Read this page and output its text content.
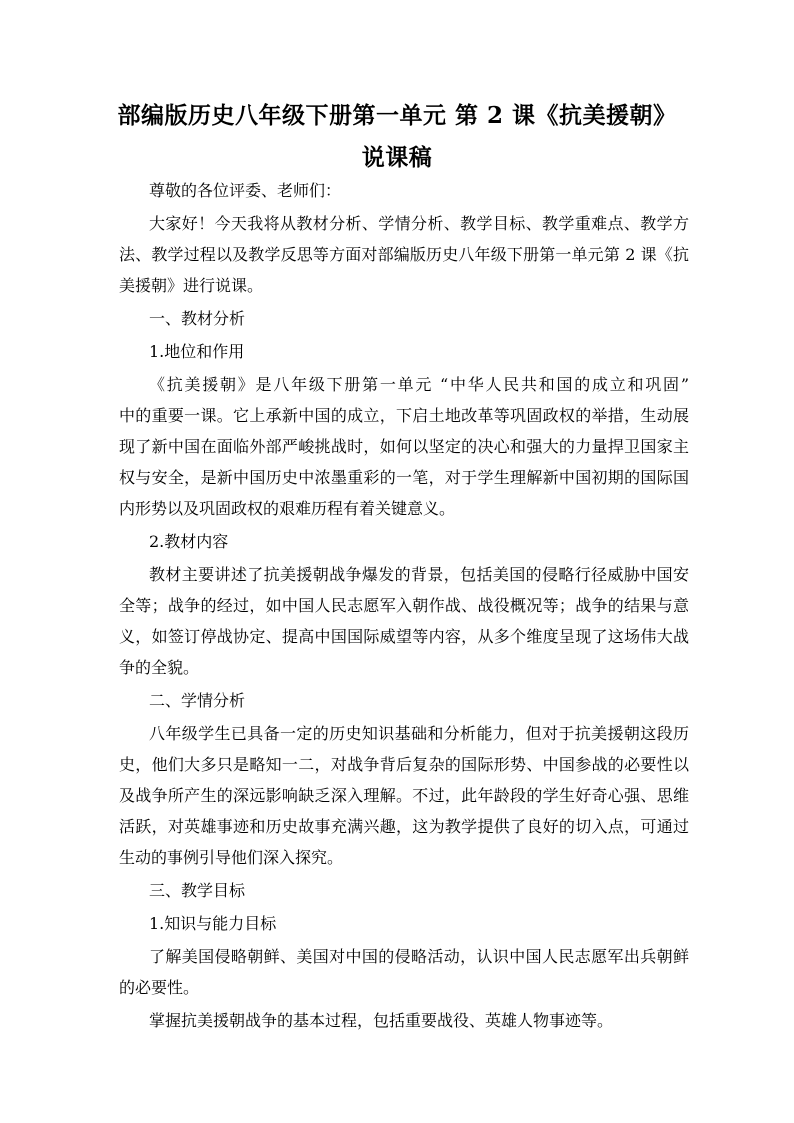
部编版历史八年级下册第一单元 第 2 课《抗美援朝》
说课稿
尊敬的各位评委、老师们：
大家好！今天我将从教材分析、学情分析、教学目标、教学重难点、教学方
法、教学过程以及教学反思等方面对部编版历史八年级下册第一单元第 2 课《抗
美援朝》进行说课。
一、教材分析
1.地位和作用
《抗美援朝》是八年级下册第一单元 “中华人民共和国的成立和巩固”
中的重要一课。它上承新中国的成立，下启土地改革等巩固政权的举措，生动展
现了新中国在面临外部严峻挑战时，如何以坚定的决心和强大的力量捍卫国家主
权与安全，是新中国历史中浓墨重彩的一笔，对于学生理解新中国初期的国际国
内形势以及巩固政权的艰难历程有着关键意义。
2.教材内容
教材主要讲述了抗美援朝战争爆发的背景，包括美国的侵略行径威胁中国安
全等；战争的经过，如中国人民志愿军入朝作战、战役概况等；战争的结果与意
义，如签订停战协定、提高中国国际威望等内容，从多个维度呈现了这场伟大战
争的全貌。
二、学情分析
八年级学生已具备一定的历史知识基础和分析能力，但对于抗美援朝这段历
史，他们大多只是略知一二，对战争背后复杂的国际形势、中国参战的必要性以
及战争所产生的深远影响缺乏深入理解。不过，此年龄段的学生好奇心强、思维
活跃，对英雄事迹和历史故事充满兴趣，这为教学提供了良好的切入点，可通过
生动的事例引导他们深入探究。
三、教学目标
1.知识与能力目标
了解美国侵略朝鲜、美国对中国的侵略活动，认识中国人民志愿军出兵朝鲜
的必要性。
掌握抗美援朝战争的基本过程，包括重要战役、英雄人物事迹等。
